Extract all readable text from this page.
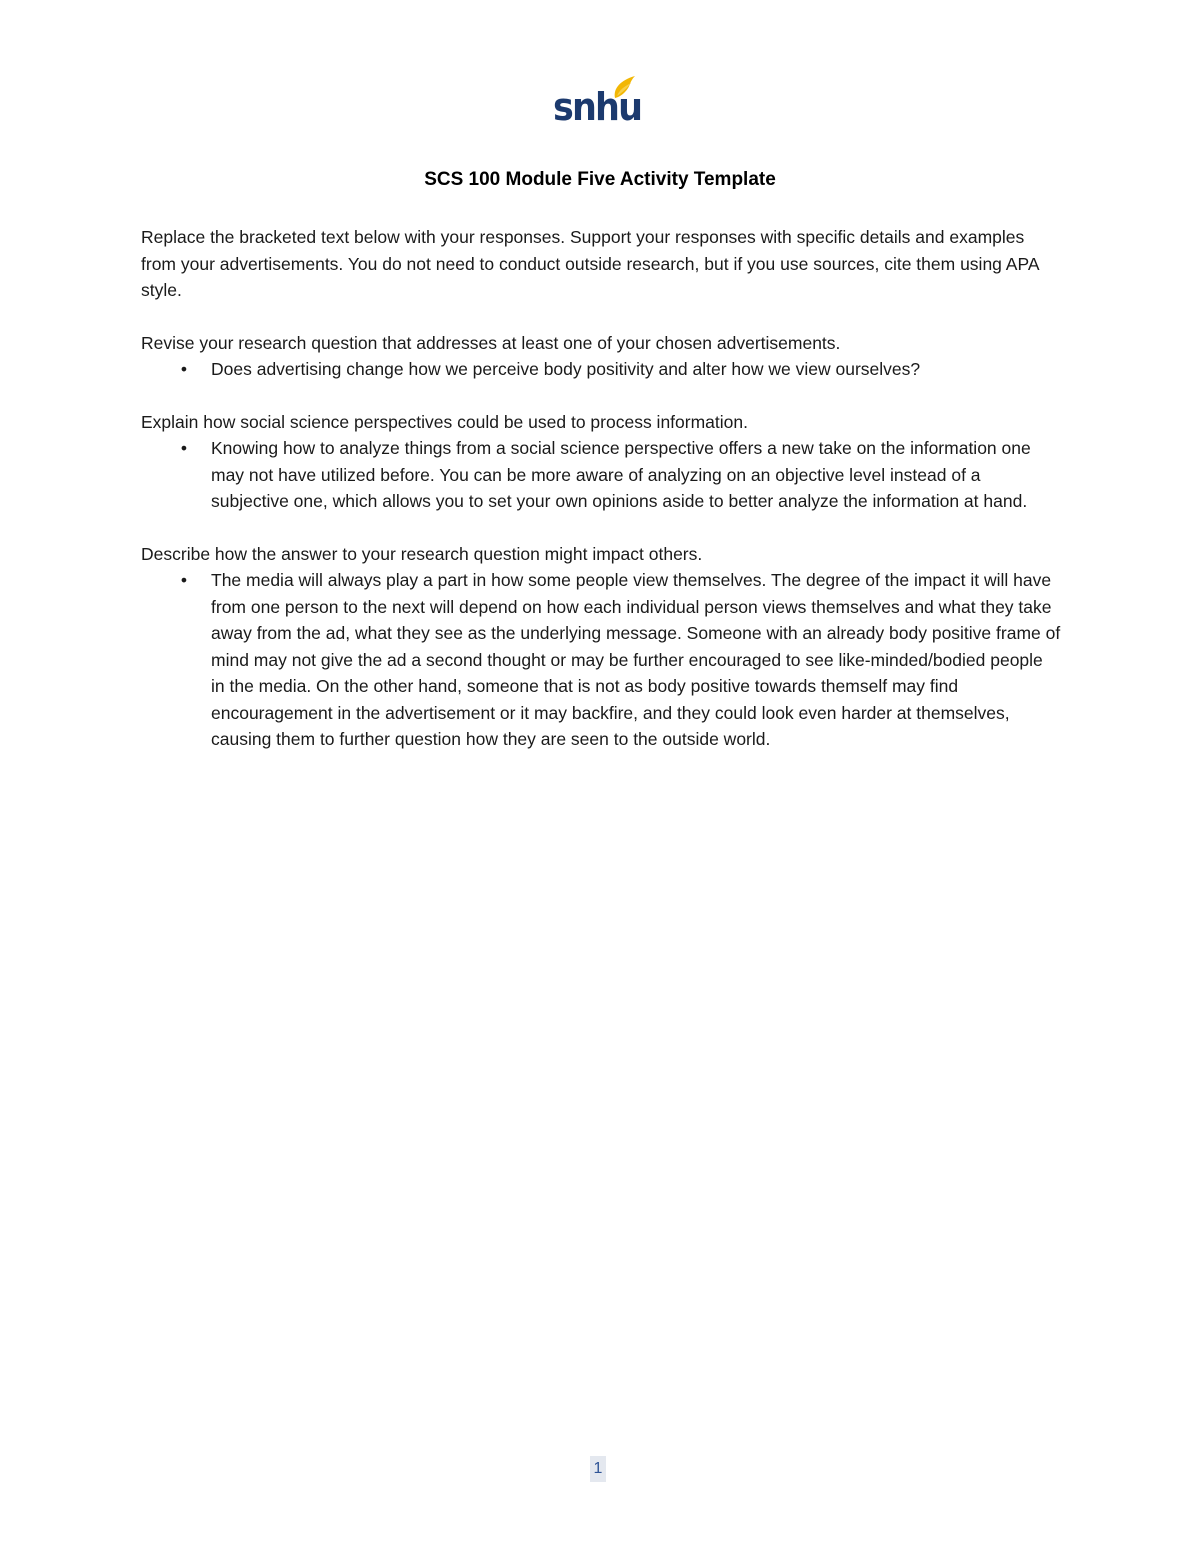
snhu
SCS 100 Module Five Activity Template

Replace the bracketed text below with your responses. Support your responses with specific details and examples from your advertisements. You do not need to conduct outside research, but if you use sources, cite them using APA style.

Revise your research question that addresses at least one of your chosen advertisements.

•	Does advertising change how we perceive body positivity and alter how we view ourselves?

Explain how social science perspectives could be used to process information.

•	Knowing how to analyze things from a social science perspective offers a new take on the information one may not have utilized before. You can be more aware of analyzing on an objective level instead of a subjective one, which allows you to set your own opinions aside to better analyze the information at hand.

Describe how the answer to your research question might impact others.

•	The media will always play a part in how some people view themselves. The degree of the impact it will have from one person to the next will depend on how each individual person views themselves and what they take away from the ad, what they see as the underlying message. Someone with an already body positive frame of mind may not give the ad a second thought or may be further encouraged to see like-minded/bodied people in the media. On the other hand, someone that is not as body positive towards themself may find encouragement in the advertisement or it may backfire, and they could look even harder at themselves, causing them to further question how they are seen to the outside world.
1
